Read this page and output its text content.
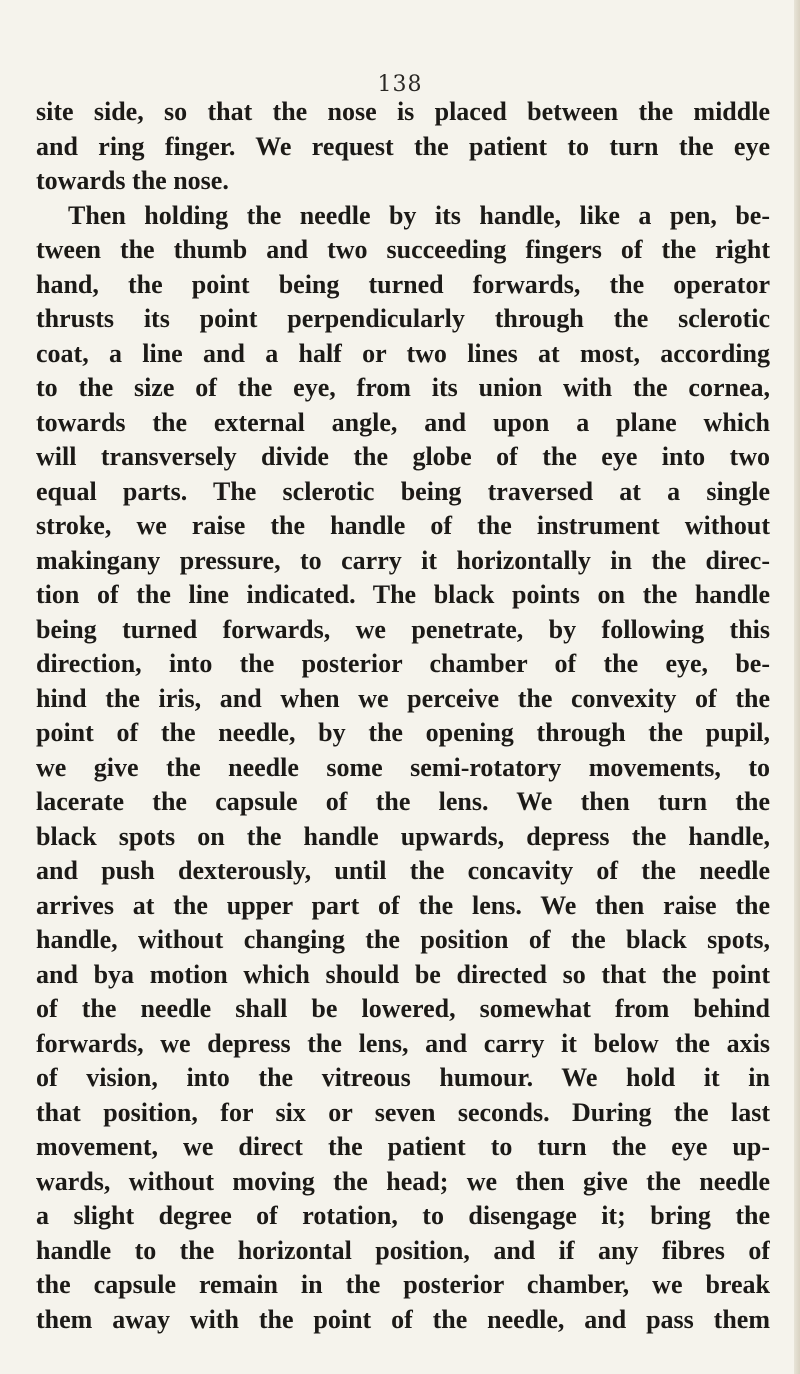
138
site side, so that the nose is placed between the middle
and ring finger. We request the patient to turn the eye
towards the nose.
Then holding the needle by its handle, like a pen, be-
tween the thumb and two succeeding fingers of the right
hand, the point being turned forwards, the operator
thrusts its point perpendicularly through the sclerotic
coat, a line and a half or two lines at most, according
to the size of the eye, from its union with the cornea,
towards the external angle, and upon a plane which
will transversely divide the globe of the eye into two
equal parts. The sclerotic being traversed at a single
stroke, we raise the handle of the instrument without
makingany pressure, to carry it horizontally in the direc-
tion of the line indicated. The black points on the handle
being turned forwards, we penetrate, by following this
direction, into the posterior chamber of the eye, be-
hind the iris, and when we perceive the convexity of the
point of the needle, by the opening through the pupil,
we give the needle some semi-rotatory movements, to
lacerate the capsule of the lens. We then turn the
black spots on the handle upwards, depress the handle,
and push dexterously, until the concavity of the needle
arrives at the upper part of the lens. We then raise the
handle, without changing the position of the black spots,
and bya motion which should be directed so that the point
of the needle shall be lowered, somewhat from behind
forwards, we depress the lens, and carry it below the axis
of vision, into the vitreous humour. We hold it in
that position, for six or seven seconds. During the last
movement, we direct the patient to turn the eye up-
wards, without moving the head; we then give the needle
a slight degree of rotation, to disengage it; bring the
handle to the horizontal position, and if any fibres of
the capsule remain in the posterior chamber, we break
them away with the point of the needle, and pass them
